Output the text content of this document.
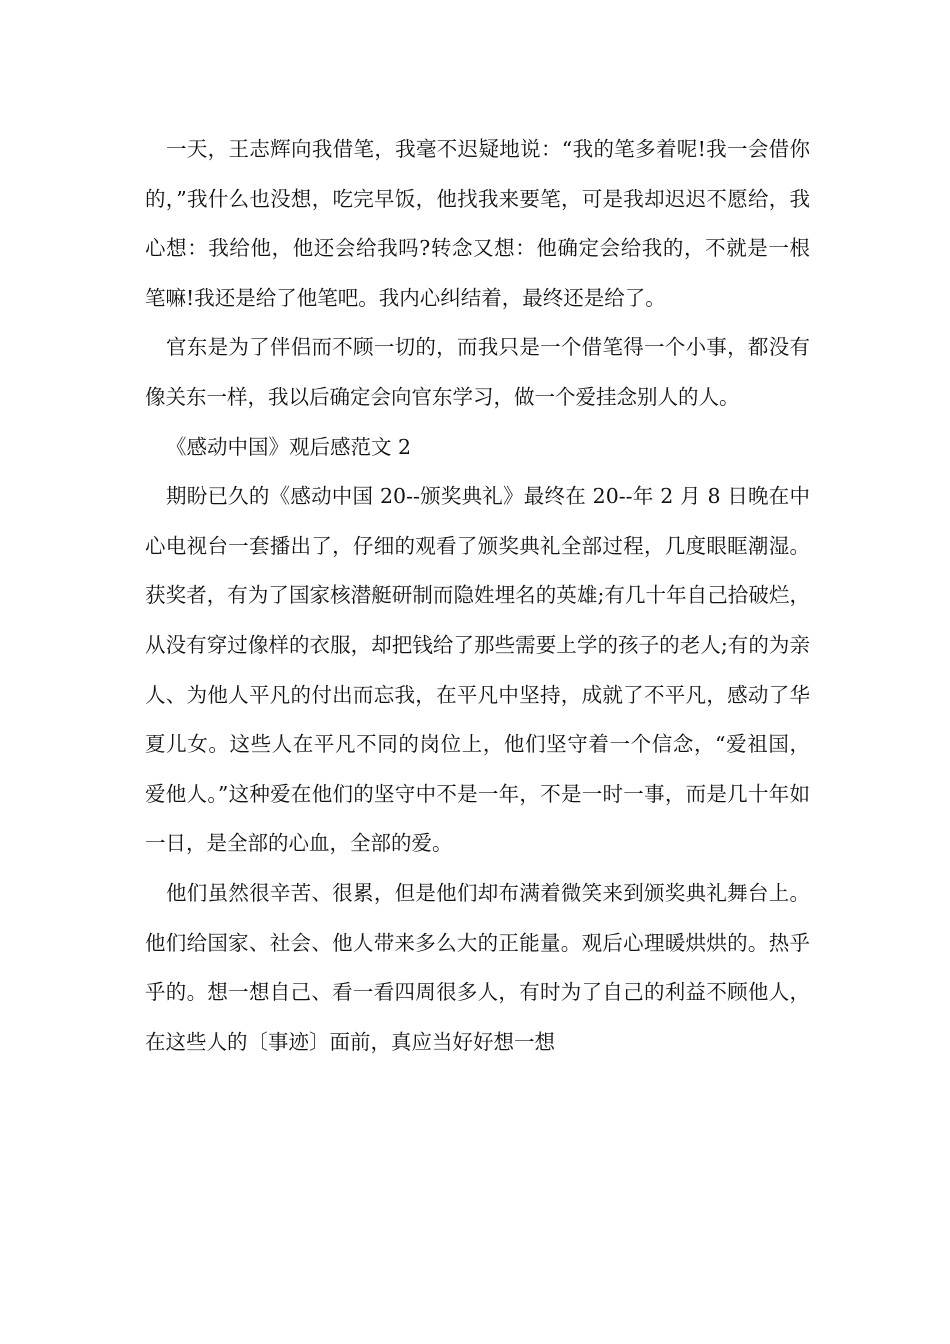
一天，王志辉向我借笔，我毫不迟疑地说：“我的笔多着呢!我一会借你的，”我什么也没想，吃完早饭，他找我来要笔，可是我却迟迟不愿给，我心想：我给他，他还会给我吗?转念又想：他确定会给我的，不就是一根笔嘛!我还是给了他笔吧。我内心纠结着，最终还是给了。

官东是为了伴侣而不顾一切的，而我只是一个借笔得一个小事，都没有像关东一样，我以后确定会向官东学习，做一个爱挂念别人的人。

《感动中国》观后感范文 2

期盼已久的《感动中国 20--颁奖典礼》最终在 20--年 2 月 8 日晚在中心电视台一套播出了，仔细的观看了颁奖典礼全部过程，几度眼眶潮湿。获奖者，有为了国家核潜艇研制而隐姓埋名的英雄;有几十年自己拾破烂，从没有穿过像样的衣服，却把钱给了那些需要上学的孩子的老人;有的为亲人、为他人平凡的付出而忘我，在平凡中坚持，成就了不平凡，感动了华夏儿女。这些人在平凡不同的岗位上，他们坚守着一个信念，“爱祖国，爱他人。”这种爱在他们的坚守中不是一年，不是一时一事，而是几十年如一日，是全部的心血，全部的爱。

他们虽然很辛苦、很累，但是他们却布满着微笑来到颁奖典礼舞台上。他们给国家、社会、他人带来多么大的正能量。观后心理暖烘烘的。热乎乎的。想一想自己、看一看四周很多人，有时为了自己的利益不顾他人，在这些人的〔事迹〕面前，真应当好好想一想
